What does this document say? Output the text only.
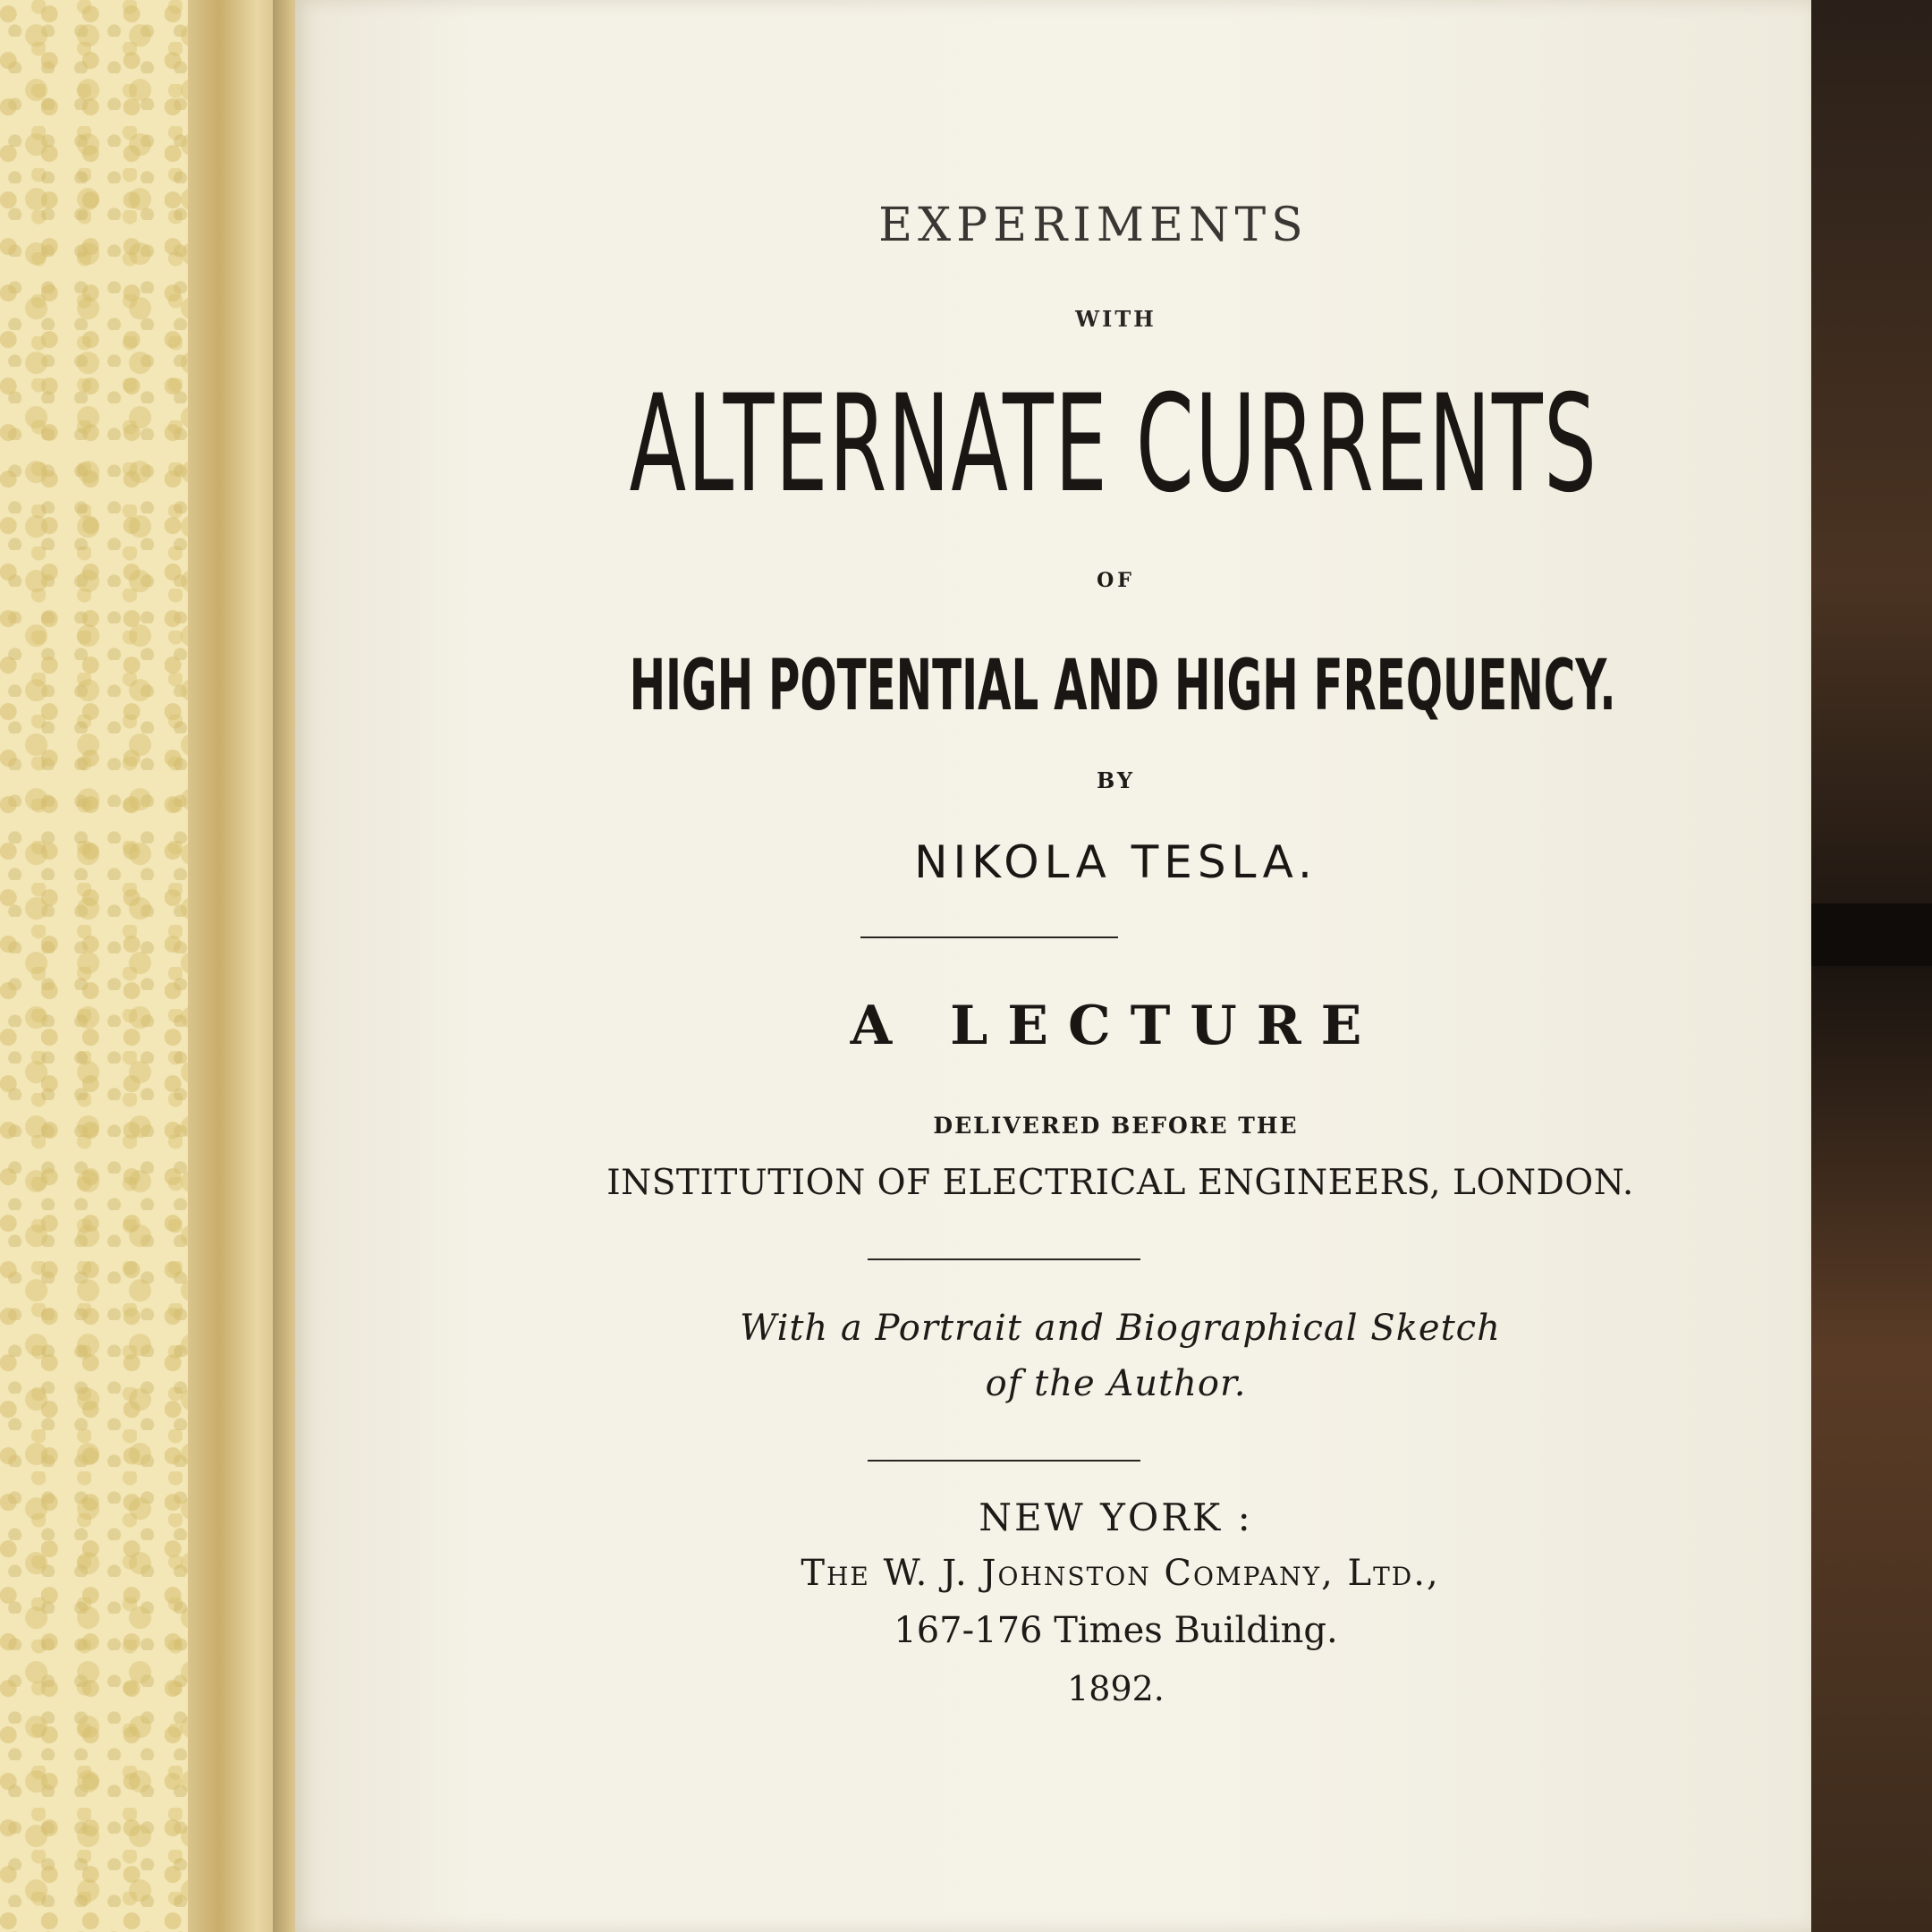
EXPERIMENTS
WITH
ALTERNATE CURRENTS
OF
HIGH POTENTIAL AND HIGH FREQUENCY.
BY
NIKOLA TESLA.
A LECTURE
DELIVERED BEFORE THE
INSTITUTION OF ELECTRICAL ENGINEERS, LONDON.
With a Portrait and Biographical Sketch
of the Author.
NEW YORK :
The W. J. Johnston Company, Ltd.,
167-176 Times Building.
1892.
